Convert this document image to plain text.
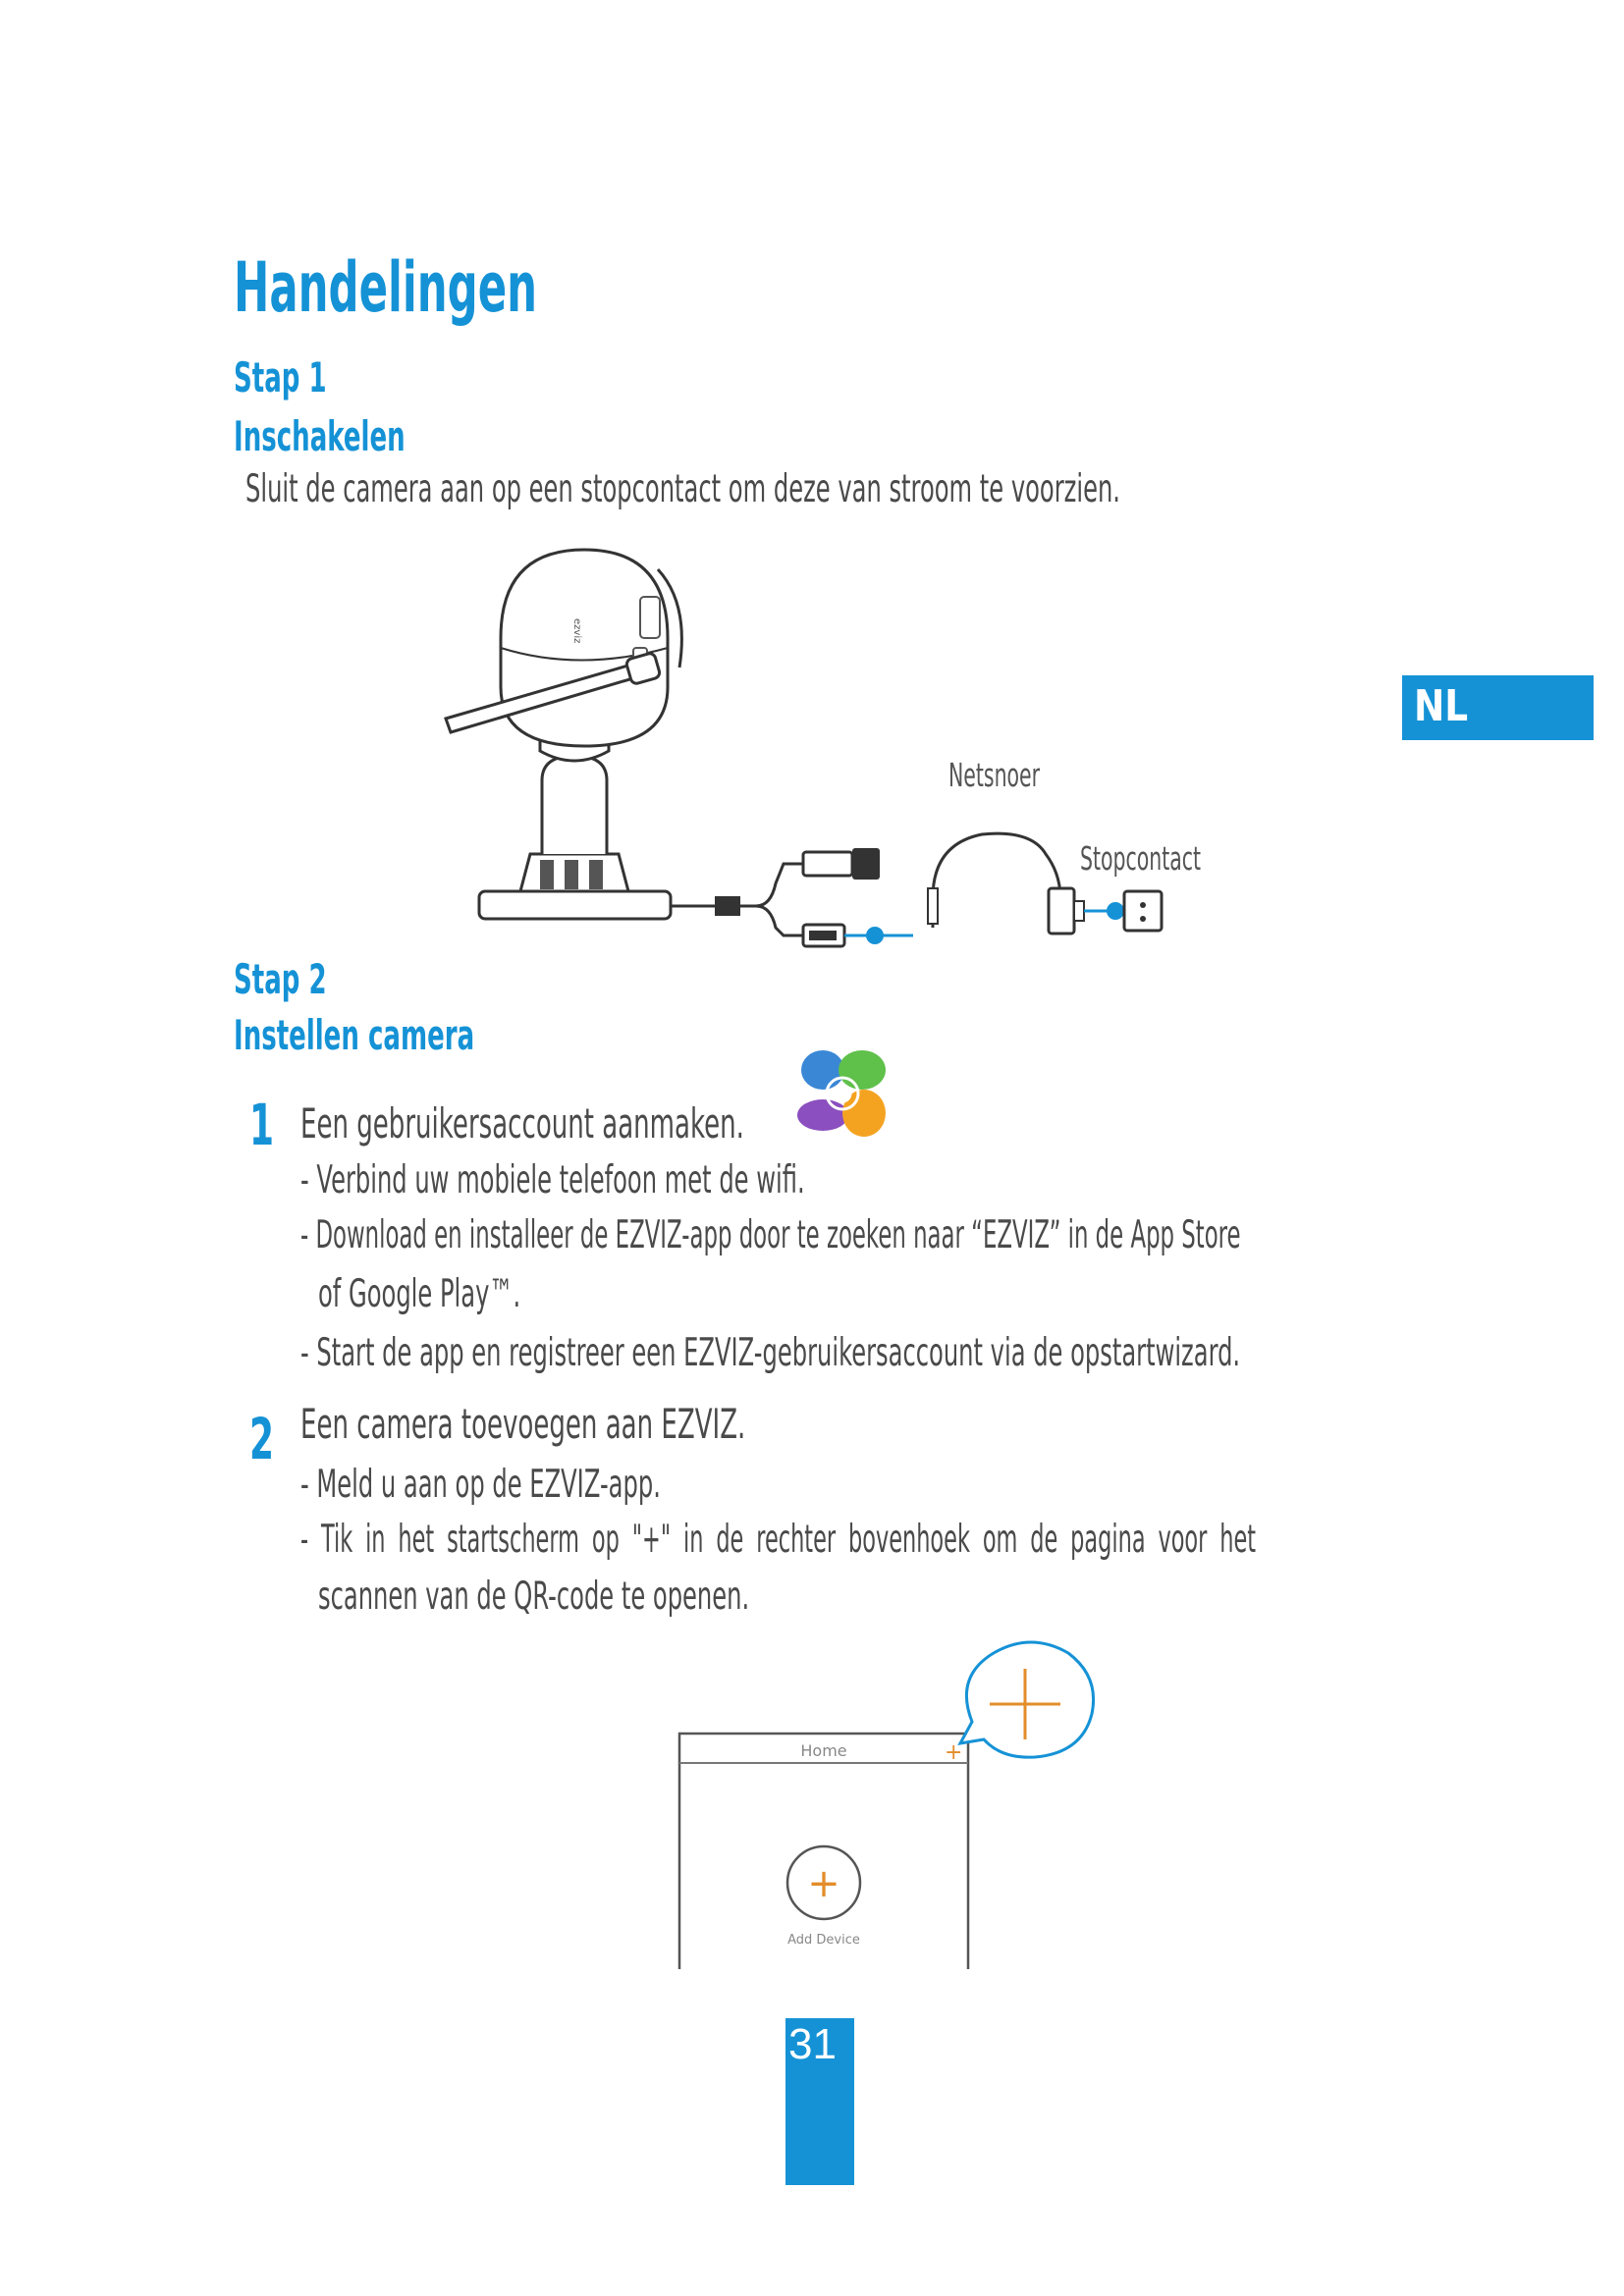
Handelingen
Stap 1
Inschakelen
Sluit de camera aan op een stopcontact om deze van stroom te voorzien.
NL
ezviz
Netsnoer
Stopcontact
Stap 2
Instellen camera
1 Een gebruikersaccount aanmaken.
- Verbind uw mobiele telefoon met de wifi.
- Download en installeer de EZVIZ-app door te zoeken naar “EZVIZ” in de App Store
of Google Play™.
- Start de app en registreer een EZVIZ-gebruikersaccount via de opstartwizard.
2 Een camera toevoegen aan EZVIZ.
- Meld u aan op de EZVIZ-app.
- Tik in het startscherm op "+" in de rechter bovenhoek om de pagina voor het
scannen van de QR-code te openen.
Home	+
+
Add Device
31
